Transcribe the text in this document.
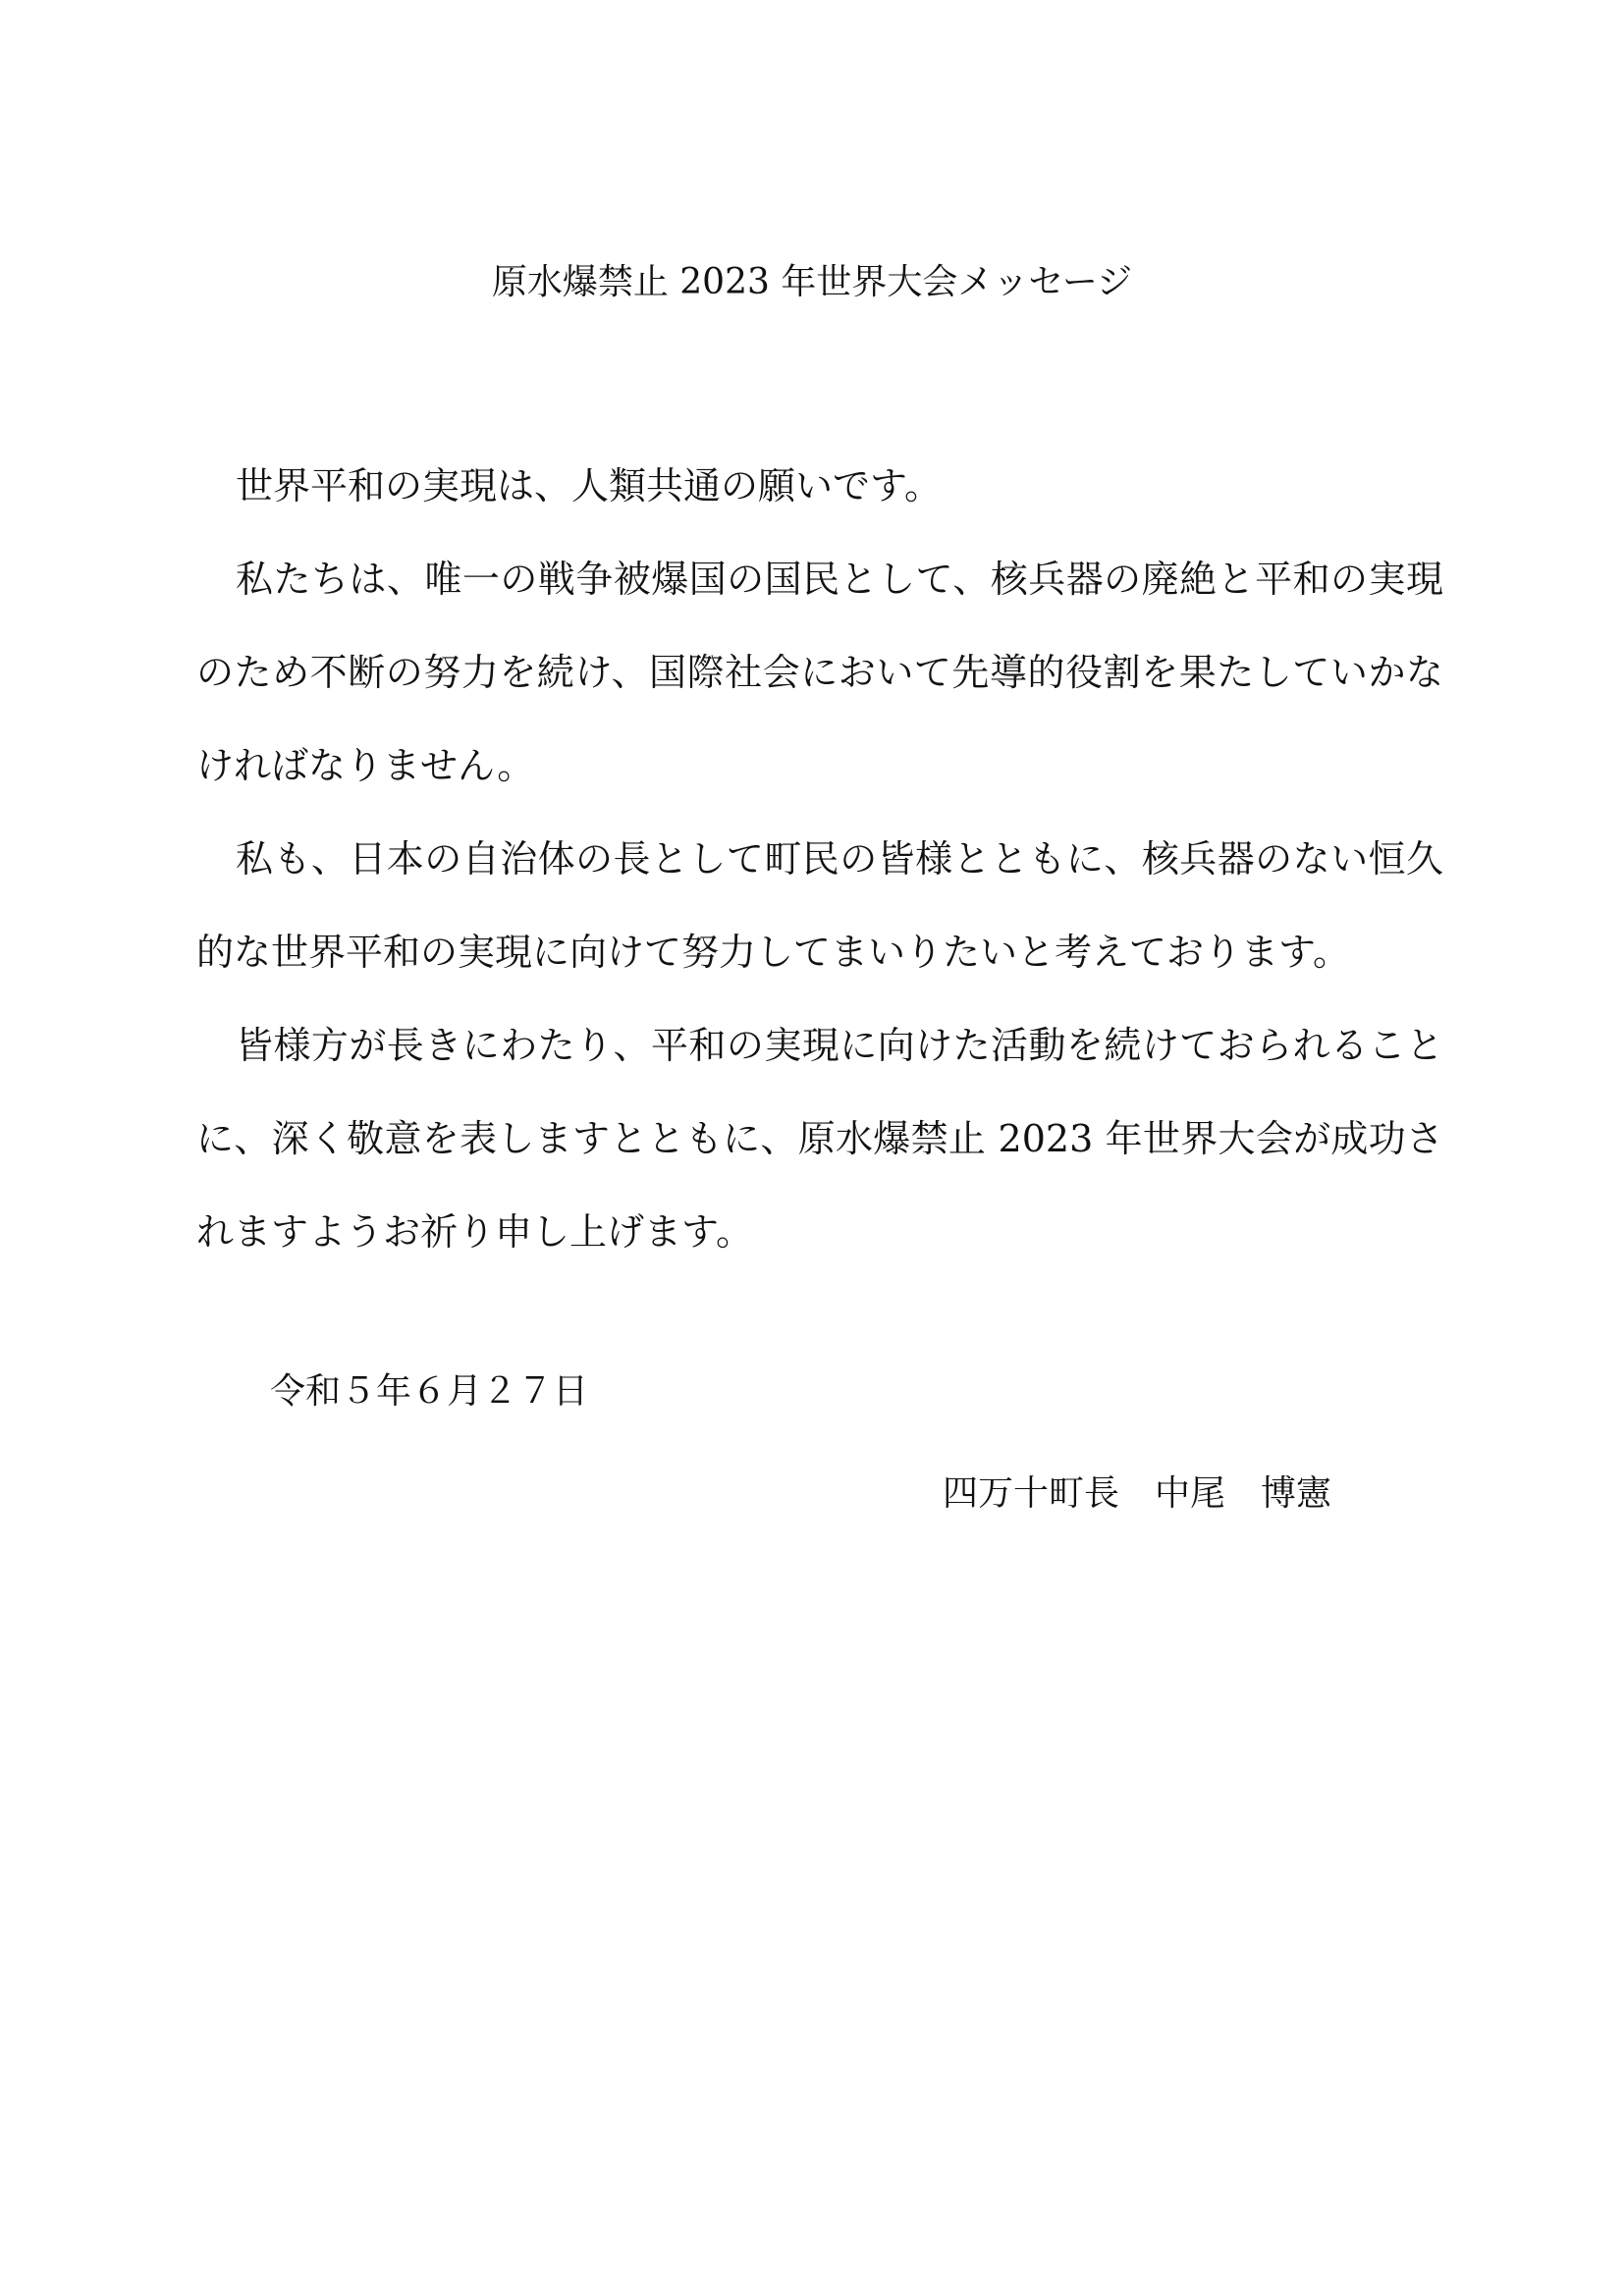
原水爆禁止 2023 年世界大会メッセージ

世界平和の実現は、人類共通の願いです。

私たちは、唯一の戦争被爆国の国民として、核兵器の廃絶と平和の実現のため不断の努力を続け、国際社会において先導的役割を果たしていかなければなりません。

私も、日本の自治体の長として町民の皆様とともに、核兵器のない恒久的な世界平和の実現に向けて努力してまいりたいと考えております。

皆様方が長きにわたり、平和の実現に向けた活動を続けておられることに、深く敬意を表しますとともに、原水爆禁止 2023 年世界大会が成功されますようお祈り申し上げます。

令和５年６月２７日
四万十町長　中尾　博憲
